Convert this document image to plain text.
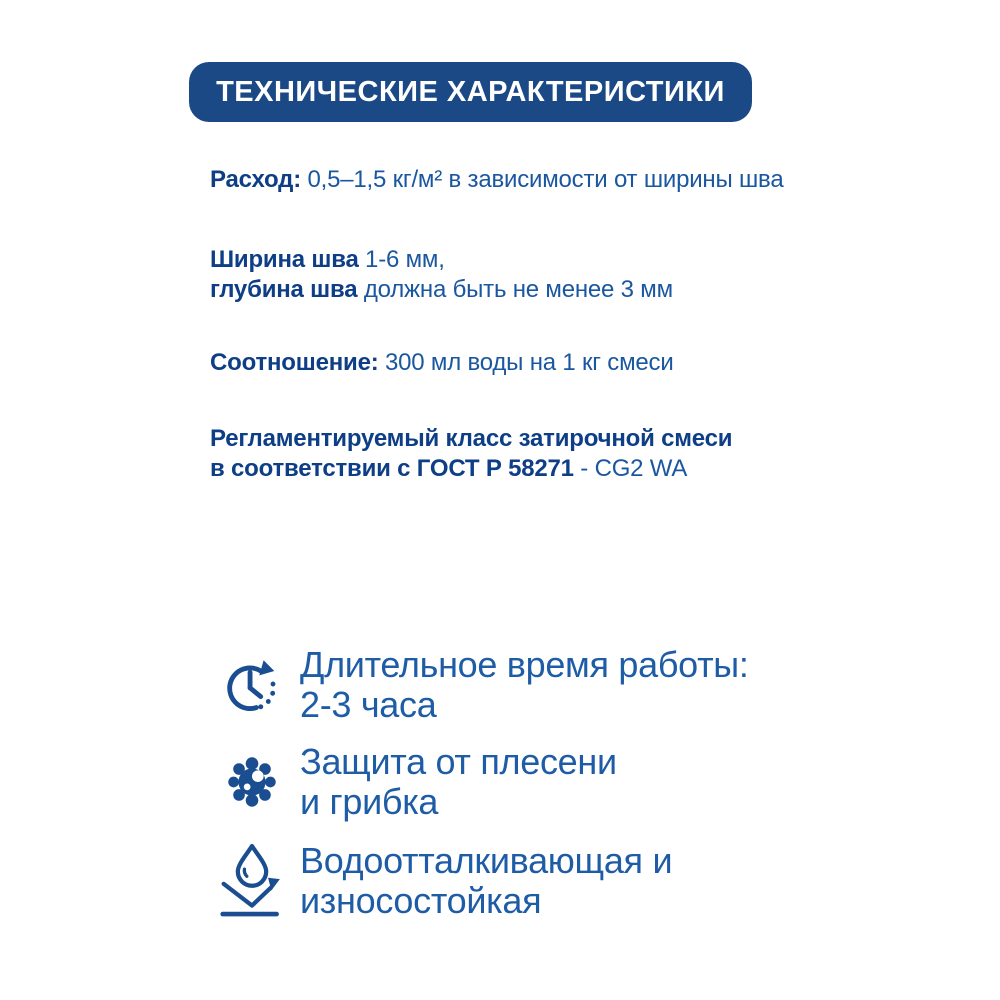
ТЕХНИЧЕСКИЕ ХАРАКТЕРИСТИКИ
Расход: 0,5–1,5 кг/м² в зависимости от ширины шва
Ширина шва 1-6 мм,
глубина шва должна быть не менее 3 мм
Соотношение: 300 мл воды на 1 кг смеси
Регламентируемый класс затирочной смеси
в соответствии с ГОСТ Р 58271 - CG2 WA
Длительное время работы:
2-3 часа
Защита от плесени
и грибка
Водоотталкивающая и
износостойкая
